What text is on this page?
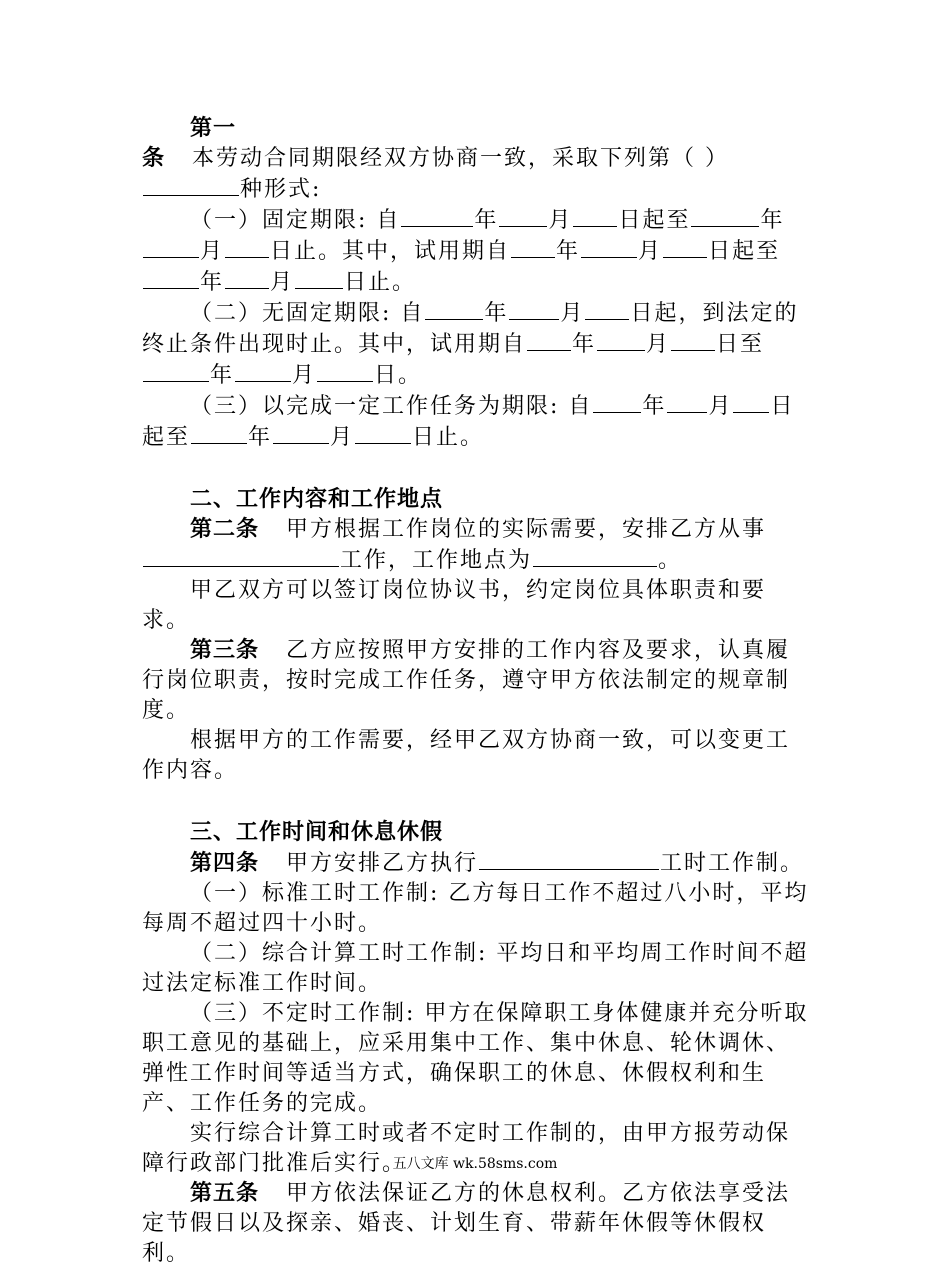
第一条 本劳动合同期限经双方协商一致，采取下列第（ ）种形式:

（一）固定期限: 自	年 月 日起至	年月 日止。其中，试用期自 年	月 日起至年 月 日止。

（二）无固定期限: 自	年 月 日起，到法定的终止条件出现时止。其中，试用期自 年 月 日至年	月	日。

（三）以完成一定工作任务为期限: 自 年 月 日起至	年	月	日止。

二、工作内容和工作地点

第二条 甲方根据工作岗位的实际需要，安排乙方从事工作，工作地点为	。

甲乙双方可以签订岗位协议书，约定岗位具体职责和要求。

第三条 乙方应按照甲方安排的工作内容及要求，认真履行岗位职责，按时完成工作任务，遵守甲方依法制定的规章制度。

根据甲方的工作需要，经甲乙双方协商一致，可以变更工作内容。

三、工作时间和休息休假

第四条 甲方安排乙方执行	工时工作制。

（一）标准工时工作制: 乙方每日工作不超过八小时，平均每周不超过四十小时。

（二）综合计算工时工作制: 平均日和平均周工作时间不超过法定标准工作时间。

（三）不定时工作制: 甲方在保障职工身体健康并充分听取职工意见的基础上，应采用集中工作、集中休息、轮休调休、弹性工作时间等适当方式，确保职工的休息、休假权利和生产、工作任务的完成。

实行综合计算工时或者不定时工作制的，由甲方报劳动保障行政部门批准后实行。

第五条 甲方依法保证乙方的休息权利。乙方依法享受法定节假日以及探亲、婚丧、计划生育、带薪年休假等休假权利。

五八文库 wk.58sms.com
